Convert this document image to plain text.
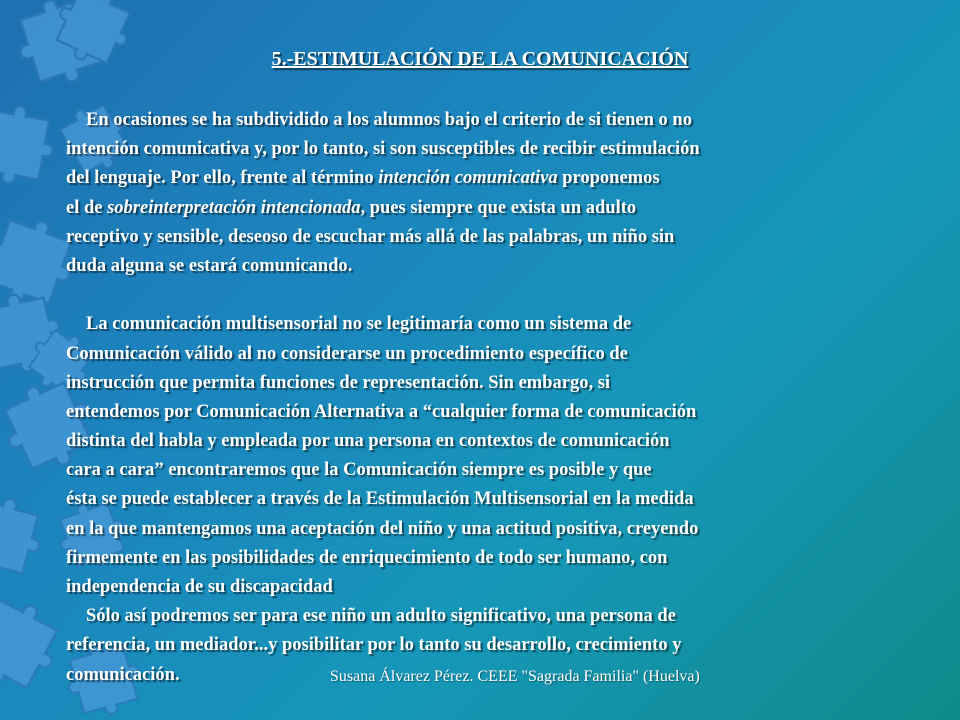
5.-ESTIMULACIÓN DE LA COMUNICACIÓN
En ocasiones se ha subdividido a los alumnos bajo el criterio de si tienen o no
intención comunicativa y, por lo tanto, si son susceptibles de recibir estimulación
del lenguaje. Por ello, frente al término intención comunicativa proponemos
el de sobreinterpretación intencionada, pues siempre que exista un adulto
receptivo y sensible, deseoso de escuchar más allá de las palabras, un niño sin
duda alguna se estará comunicando.
La comunicación multisensorial no se legitimaría como un sistema de
Comunicación válido al no considerarse un procedimiento específico de
instrucción que permita funciones de representación. Sin embargo, si
entendemos por Comunicación Alternativa a “cualquier forma de comunicación
distinta del habla y empleada por una persona en contextos de comunicación
cara a cara” encontraremos que la Comunicación siempre es posible y que
ésta se puede establecer a través de la Estimulación Multisensorial en la medida
en la que mantengamos una aceptación del niño y una actitud positiva, creyendo
firmemente en las posibilidades de enriquecimiento de todo ser humano, con
independencia de su discapacidad
Sólo así podremos ser para ese niño un adulto significativo, una persona de
referencia, un mediador...y posibilitar por lo tanto su desarrollo, crecimiento y
comunicación.	Susana Álvarez Pérez. CEEE "Sagrada Familia" (Huelva)
